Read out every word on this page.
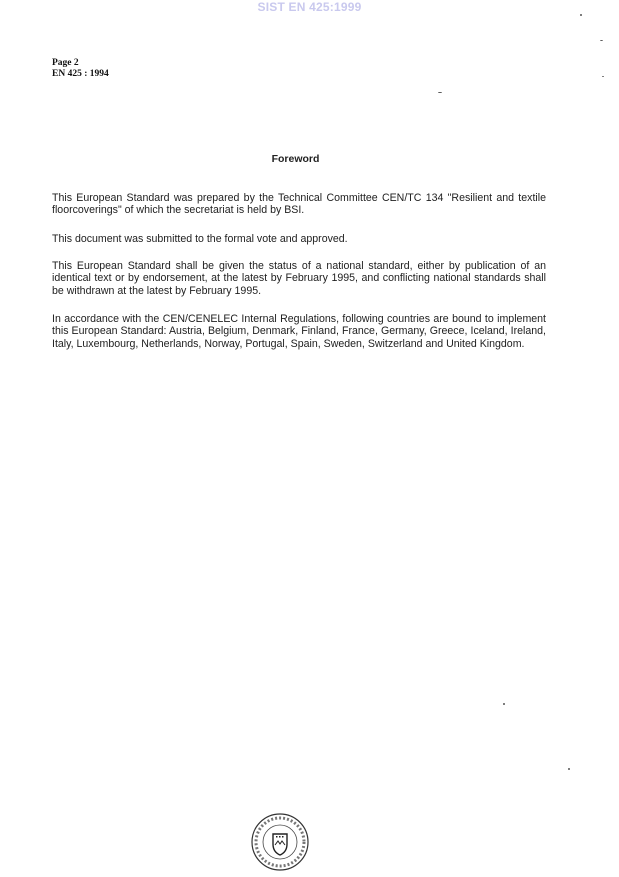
SIST EN 425:1999
Page 2
EN 425 : 1994
Foreword
This European Standard was prepared by the Technical Committee CEN/TC 134 "Resilient and textile floorcoverings" of which the secretariat is held by BSI.
This document was submitted to the formal vote and approved.
This European Standard shall be given the status of a national standard, either by publication of an identical text or by endorsement, at the latest by February 1995, and conflicting national standards shall be withdrawn at the latest by February 1995.
In accordance with the CEN/CENELEC Internal Regulations, following countries are bound to implement this European Standard: Austria, Belgium, Denmark, Finland, France, Germany, Greece, Iceland, Ireland, Italy, Luxembourg, Netherlands, Norway, Portugal, Spain, Sweden, Switzerland and United Kingdom.
